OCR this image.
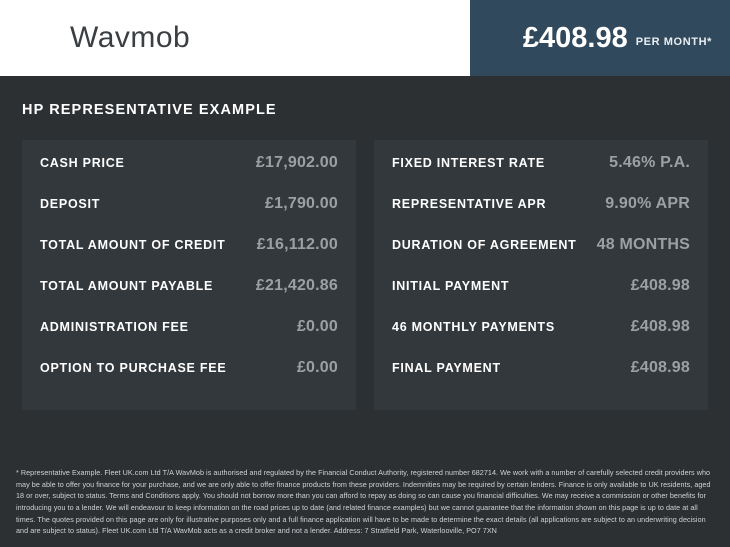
Wavmob	£408.98 PER MONTH*
HP REPRESENTATIVE EXAMPLE
CASH PRICE	£17,902.00
DEPOSIT	£1,790.00
TOTAL AMOUNT OF CREDIT £16,112.00
TOTAL AMOUNT PAYABLE	£21,420.86
ADMINISTRATION FEE	£0.00
OPTION TO PURCHASE FEE	£0.00
FIXED INTEREST RATE	5.46% P.A.
REPRESENTATIVE APR	9.90% APR
DURATION OF AGREEMENT 48 MONTHS
INITIAL PAYMENT	£408.98
46 MONTHLY PAYMENTS	£408.98
FINAL PAYMENT	£408.98

* Representative Example. Fleet UK.com Ltd T/A WavMob is authorised and regulated by the Financial Conduct Authority, registered number 682714. We work with a number of carefully selected credit providers who may be able to offer you finance for your purchase, and we are only able to offer finance products from these providers. Indemnities may be required by certain lenders. Finance is only available to UK residents, aged 18 or over, subject to status. Terms and Conditions apply. You should not borrow more than you can afford to repay as doing so can cause you financial difficulties. We may receive a commission or other benefits for introducing you to a lender. We will endeavour to keep information on the road prices up to date (and related finance examples) but we cannot guarantee that the information shown on this page is up to date at all times. The quotes provided on this page are only for illustrative purposes only and a full finance application will have to be made to determine the exact details (all applications are subject to an underwriting decision and are subject to status). Fleet UK.com Ltd T/A WavMob acts as a credit broker and not a lender. Address: 7 Stratfield Park, Waterlooville, PO7 7XN
